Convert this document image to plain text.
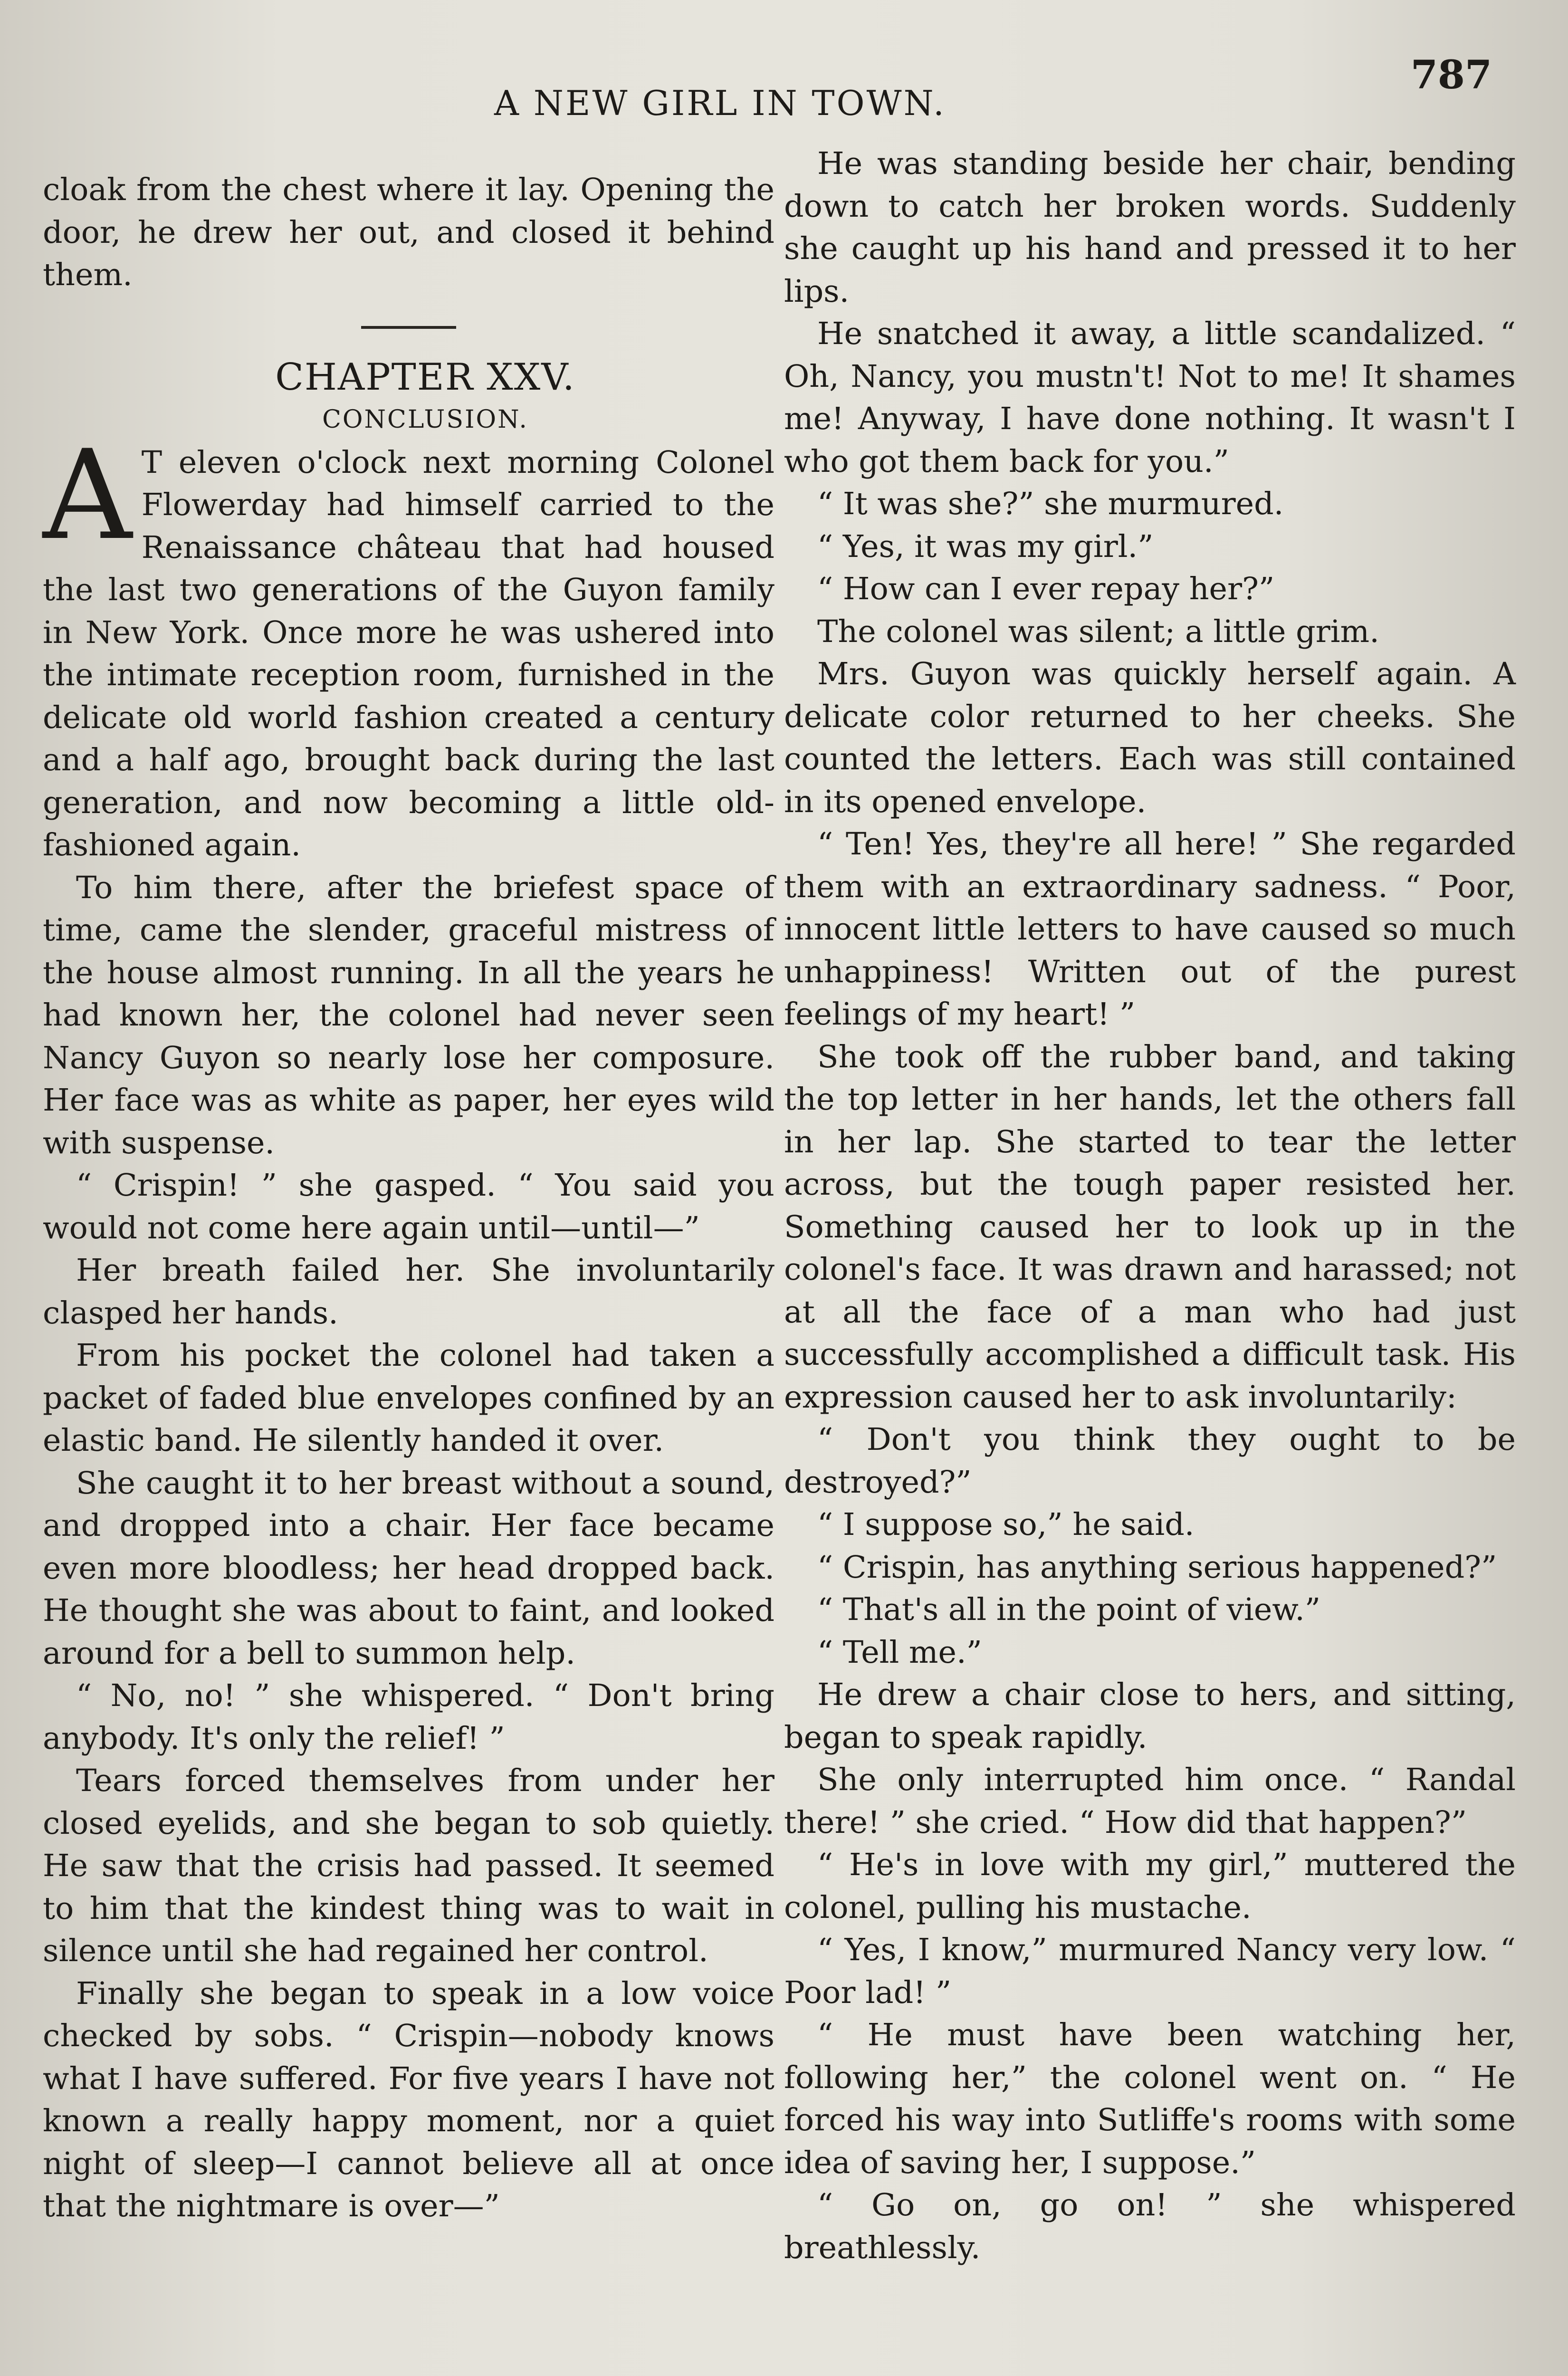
A NEW GIRL IN TOWN.
787

cloak from the chest where it lay. Opening the door, he drew her out, and closed it behind them.

CHAPTER XXV.

CONCLUSION.

A T eleven o'clock next morning Colonel Flowerday had himself carried to the Renaissance château that had housed the last two generations of the Guyon family in New York. Once more he was ushered into the intimate reception room, furnished in the delicate old world fashion created a century and a half ago, brought back during the last generation, and now becoming a little old-fashioned again.

To him there, after the briefest space of time, came the slender, graceful mistress of the house almost running. In all the years he had known her, the colonel had never seen Nancy Guyon so nearly lose her composure. Her face was as white as paper, her eyes wild with suspense.

“ Crispin! ” she gasped. “ You said you would not come here again until—until—”

Her breath failed her. She involuntarily clasped her hands.

From his pocket the colonel had taken a packet of faded blue envelopes confined by an elastic band. He silently handed it over.

She caught it to her breast without a sound, and dropped into a chair. Her face became even more bloodless; her head dropped back. He thought she was about to faint, and looked around for a bell to summon help.

“ No, no! ” she whispered. “ Don't bring anybody. It's only the relief! ”

Tears forced themselves from under her closed eyelids, and she began to sob quietly. He saw that the crisis had passed. It seemed to him that the kindest thing was to wait in silence until she had regained her control.

Finally she began to speak in a low voice checked by sobs. “ Crispin—nobody knows what I have suffered. For five years I have not known a really happy moment, nor a quiet night of sleep—I cannot believe all at once that the nightmare is over—”

He was standing beside her chair, bending down to catch her broken words. Suddenly she caught up his hand and pressed it to her lips.

He snatched it away, a little scandalized. “ Oh, Nancy, you mustn't! Not to me! It shames me! Anyway, I have done nothing. It wasn't I who got them back for you.”

“ It was she?” she murmured.

“ Yes, it was my girl.”

“ How can I ever repay her?”

The colonel was silent; a little grim.

Mrs. Guyon was quickly herself again. A delicate color returned to her cheeks. She counted the letters. Each was still contained in its opened envelope.

“ Ten! Yes, they're all here! ” She regarded them with an extraordinary sadness. “ Poor, innocent little letters to have caused so much unhappiness! Written out of the purest feelings of my heart! ”

She took off the rubber band, and taking the top letter in her hands, let the others fall in her lap. She started to tear the letter across, but the tough paper resisted her. Something caused her to look up in the colonel's face. It was drawn and harassed; not at all the face of a man who had just successfully accomplished a difficult task. His expression caused her to ask involuntarily:

“ Don't you think they ought to be destroyed?”

“ I suppose so,” he said.

“ Crispin, has anything serious happened?”

“ That's all in the point of view.”

“ Tell me.”

He drew a chair close to hers, and sitting, began to speak rapidly.

She only interrupted him once. “ Randal there! ” she cried. “ How did that happen?”

“ He's in love with my girl,” muttered the colonel, pulling his mustache.

“ Yes, I know,” murmured Nancy very low. “ Poor lad! ”

“ He must have been watching her, following her,” the colonel went on. “ He forced his way into Sutliffe's rooms with some idea of saving her, I suppose.”

“ Go on, go on! ” she whispered breathlessly.
